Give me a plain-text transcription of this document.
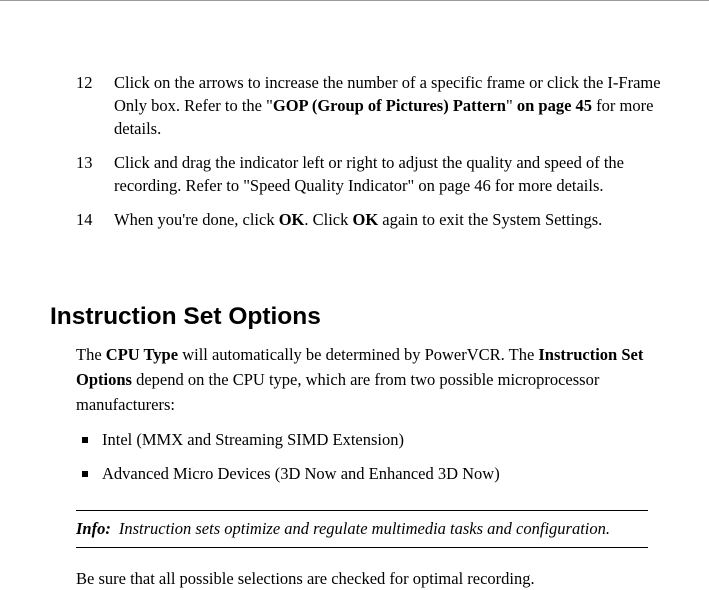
12	Click on the arrows to increase the number of a specific frame or click the I-Frame Only box. Refer to the "GOP (Group of Pictures) Pattern" on page 45 for more details.
13	Click and drag the indicator left or right to adjust the quality and speed of the recording. Refer to "Speed Quality Indicator" on page 46 for more details.
14	When you're done, click OK. Click OK again to exit the System Settings.
Instruction Set Options

The CPU Type will automatically be determined by PowerVCR. The Instruction Set Options depend on the CPU type, which are from two possible microprocessor manufacturers:

Intel (MMX and Streaming SIMD Extension)
Advanced Micro Devices (3D Now and Enhanced 3D Now)
Info: Instruction sets optimize and regulate multimedia tasks and configuration.

Be sure that all possible selections are checked for optimal recording.
